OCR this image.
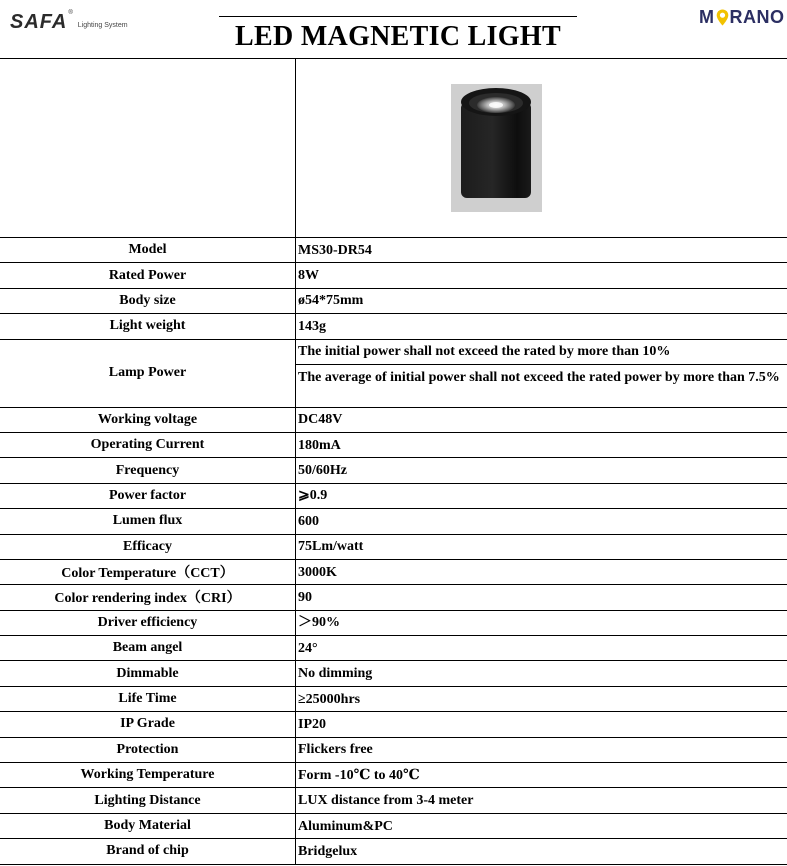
SAFA ®
Lighting System	LED MAGNETIC LIGHT
M RANO
Model	MS30-DR54
Rated Power	8W
Body size	ø54*75mm
Light weight	143g
Lamp Power
The initial power shall not exceed the rated by more than 10%
The average of initial power shall not exceed the rated power by more than 7.5%
Working voltage	DC48V
Operating Current	180mA
Frequency	50/60Hz
Power factor	⩾0.9
Lumen flux	600
Efficacy	75Lm/watt
Color Temperature（CCT）	3000K
Color rendering index（CRI）	90
Driver efficiency	＞90%
Beam angel	24°
Dimmable	No dimming
Life Time	≥25000hrs
IP Grade	IP20
Protection	Flickers free
Working Temperature	Form -10℃ to 40℃
Lighting Distance	LUX distance from 3-4 meter
Body Material	Aluminum&PC
Brand of chip	Bridgelux
